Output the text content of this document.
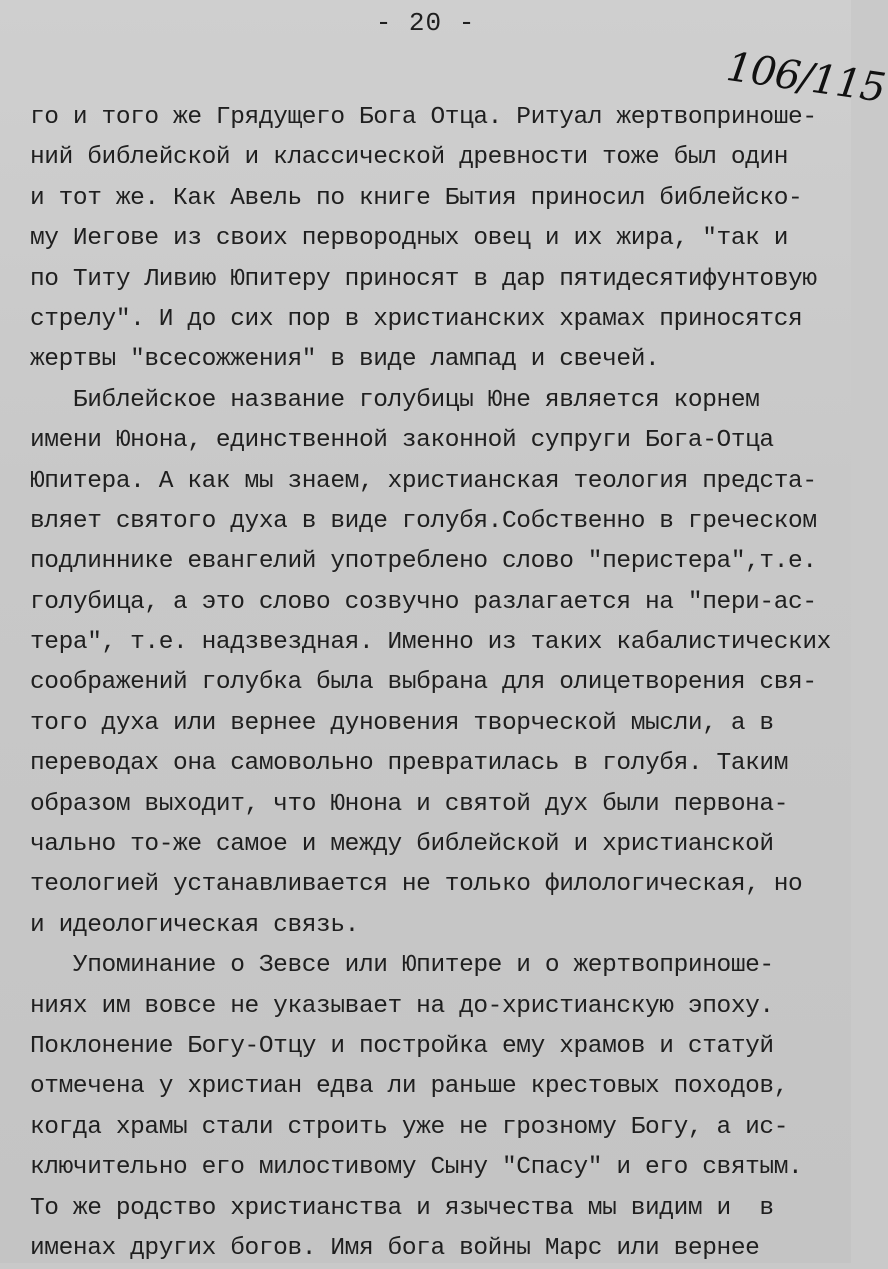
- 20 -
106/115
го и того же Грядущего Бога Отца. Ритуал жертвоприноше-
ний библейской и классической древности тоже был один
и тот же. Как Авель по книге Бытия приносил библейско-
му Иегове из своих первородных овец и их жира, "так и
по Титу Ливию Юпитеру приносят в дар пятидесятифунтовую
стрелу". И до сих пор в христианских храмах приносятся
жертвы "всесожжения" в виде лампад и свечей.
Библейское название голубицы Юне является корнем
имени Юнона, единственной законной супруги Бога-Отца
Юпитера. А как мы знаем, христианская теология предста-
вляет святого духа в виде голубя.Собственно в греческом
подлиннике евангелий употреблено слово "перистера",т.е.
голубица, а это слово созвучно разлагается на "пери-ас-
тера", т.е. надзвездная. Именно из таких кабалистических
соображений голубка была выбрана для олицетворения свя-
того духа или вернее дуновения творческой мысли, а в
переводах она самовольно превратилась в голубя. Таким
образом выходит, что Юнона и святой дух были первона-
чально то-же самое и между библейской и христианской
теологией устанавливается не только филологическая, но
и идеологическая связь.
Упоминание о Зевсе или Юпитере и о жертвоприноше-
ниях им вовсе не указывает на до-христианскую эпоху.
Поклонение Богу-Отцу и постройка ему храмов и статуй
отмечена у христиан едва ли раньше крестовых походов,
когда храмы стали строить уже не грозному Богу, а ис-
ключительно его милостивому Сыну "Спасу" и его святым.
То же родство христианства и язычества мы видим и  в
именах других богов. Имя бога войны Марс или вернее
